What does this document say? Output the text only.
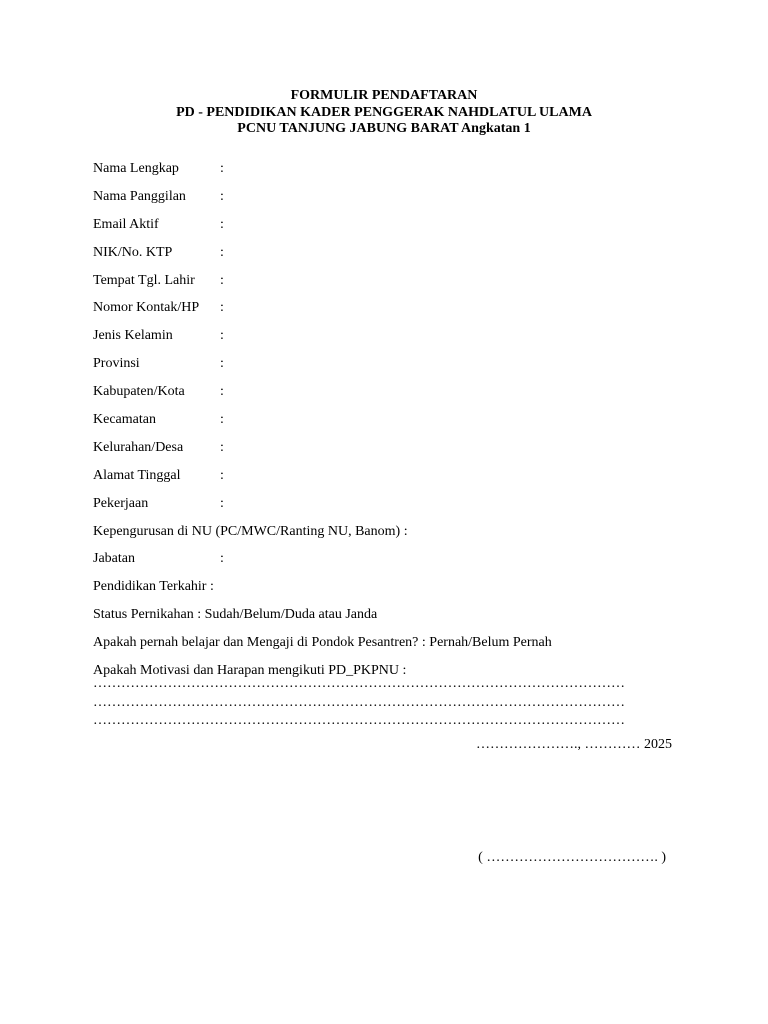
FORMULIR PENDAFTARAN
PD - PENDIDIKAN KADER PENGGERAK NAHDLATUL ULAMA
PCNU TANJUNG JABUNG BARAT Angkatan 1
Nama Lengkap	:
Nama Panggilan	:
Email Aktif	:
NIK/No. KTP	:
Tempat Tgl. Lahir	:
Nomor Kontak/HP	:
Jenis Kelamin	:
Provinsi	:
Kabupaten/Kota	:
Kecamatan	:
Kelurahan/Desa	:
Alamat Tinggal	:
Pekerjaan	:
Kepengurusan di NU (PC/MWC/Ranting NU, Banom) :
Jabatan	:
Pendidikan Terkahir :
Status Pernikahan : Sudah/Belum/Duda atau Janda
Apakah pernah belajar dan Mengaji di Pondok Pesantren? : Pernah/Belum Pernah
Apakah Motivasi dan Harapan mengikuti PD_PKPNU :
……………………………………………………………………………………………………
……………………………………………………………………………………………………
……………………………………………………………………………………………………
…………………., ………… 2025
( ………………………………. )
